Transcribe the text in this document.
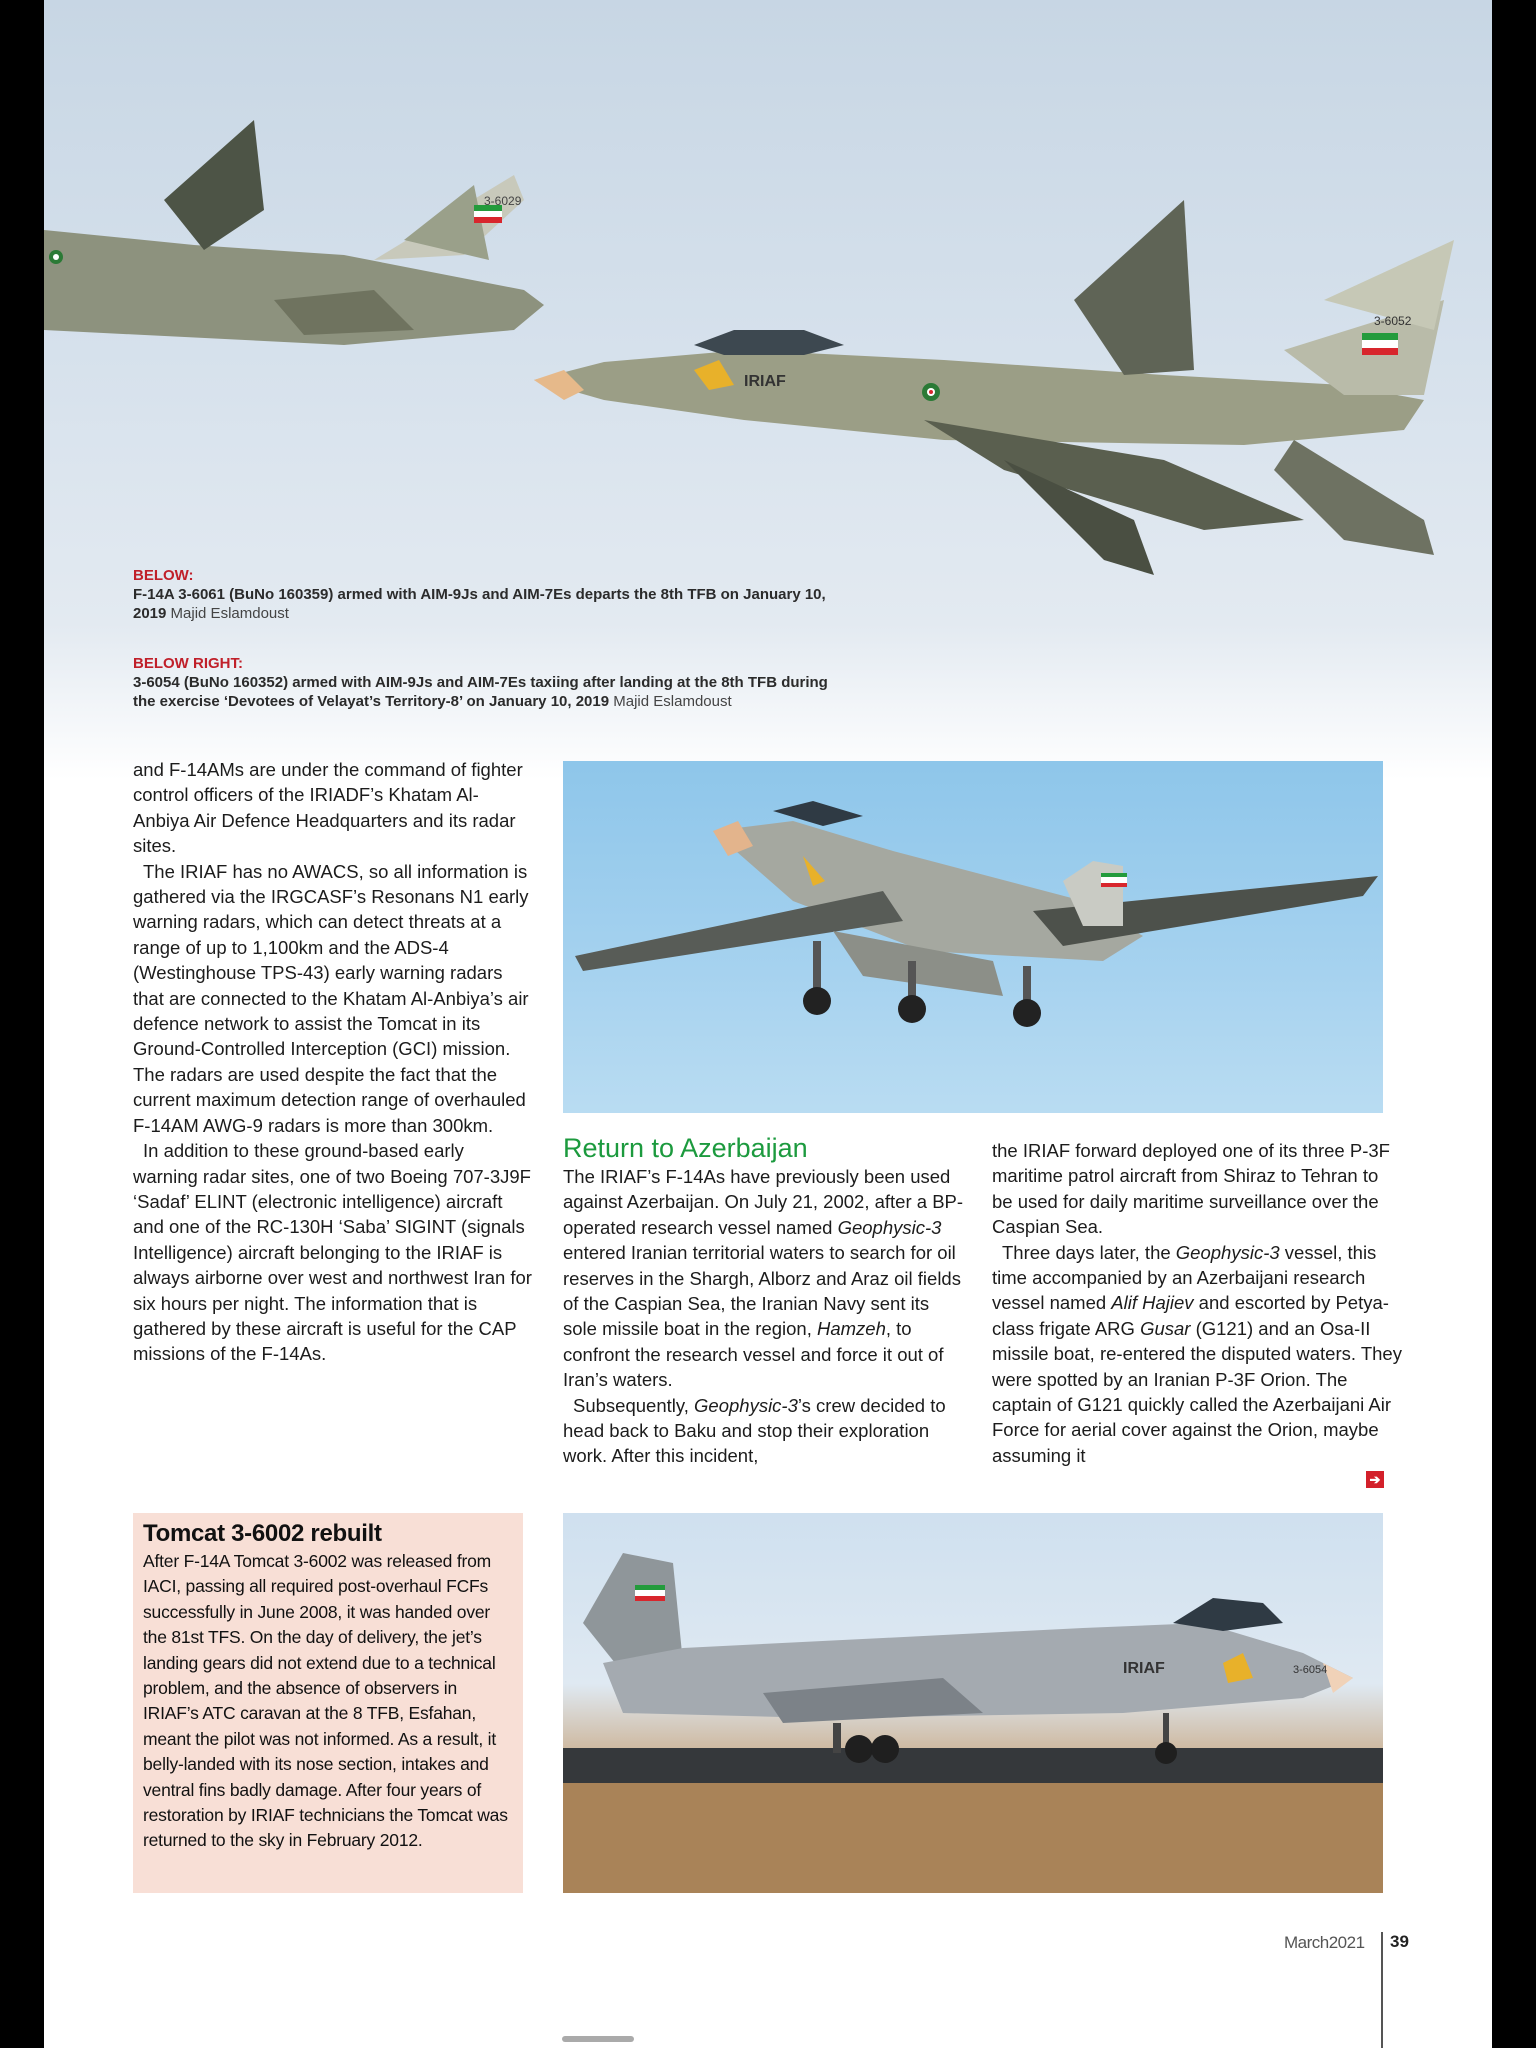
3-6029
3-6052
IRIAF
BELOW:
F-14A 3-6061 (BuNo 160359) armed with AIM-9Js and AIM-7Es departs the 8th TFB on January 10, 2019 Majid Eslamdoust
BELOW RIGHT:
3-6054 (BuNo 160352) armed with AIM-9Js and AIM-7Es taxiing after landing at the 8th TFB during the exercise ‘Devotees of Velayat’s Territory-8’ on January 10, 2019 Majid Eslamdoust

and F-14AMs are under the command of fighter control officers of the IRIADF’s Khatam Al-Anbiya Air Defence Headquarters and its radar sites.

The IRIAF has no AWACS, so all information is gathered via the IRGCASF’s Resonans N1 early warning radars, which can detect threats at a range of up to 1,100km and the ADS-4 (Westinghouse TPS-43) early warning radars that are connected to the Khatam Al-Anbiya’s air defence network to assist the Tomcat in its Ground-Controlled Interception (GCI) mission. The radars are used despite the fact that the current maximum detection range of overhauled F-14AM AWG-9 radars is more than 300km.

In addition to these ground-based early warning radar sites, one of two Boeing 707-3J9F ‘Sadaf’ ELINT (electronic intelligence) aircraft and one of the RC-130H ‘Saba’ SIGINT (signals Intelligence) aircraft belonging to the IRIAF is always airborne over west and northwest Iran for six hours per night. The information that is gathered by these aircraft is useful for the CAP missions of the F-14As.

Return to Azerbaijan

The IRIAF’s F-14As have previously been used against Azerbaijan. On July 21, 2002, after a BP-operated research vessel named Geophysic-3 entered Iranian territorial waters to search for oil reserves in the Shargh, Alborz and Araz oil fields of the Caspian Sea, the Iranian Navy sent its sole missile boat in the region, Hamzeh, to confront the research vessel and force it out of Iran’s waters.

Subsequently, Geophysic-3’s crew decided to head back to Baku and stop their exploration work. After this incident,

the IRIAF forward deployed one of its three P-3F maritime patrol aircraft from Shiraz to Tehran to be used for daily maritime surveillance over the Caspian Sea.

Three days later, the Geophysic-3 vessel, this time accompanied by an Azerbaijani research vessel named Alif Hajiev and escorted by Petya-class frigate ARG Gusar (G121) and an Osa-II missile boat, re-entered the disputed waters. They were spotted by an Iranian P-3F Orion. The captain of G121 quickly called the Azerbaijani Air Force for aerial cover against the Orion, maybe assuming it

➔
Tomcat 3-6002 rebuilt
After F-14A Tomcat 3-6002 was released from IACI, passing all required post-overhaul FCFs successfully in June 2008, it was handed over the 81st TFS. On the day of delivery, the jet’s landing gears did not extend due to a technical problem, and the absence of observers in IRIAF’s ATC caravan at the 8 TFB, Esfahan, meant the pilot was not informed. As a result, it belly-landed with its nose section, intakes and ventral fins badly damage. After four years of restoration by IRIAF technicians the Tomcat was returned to the sky in February 2012.
IRIAF	3-6054
March2021 39
